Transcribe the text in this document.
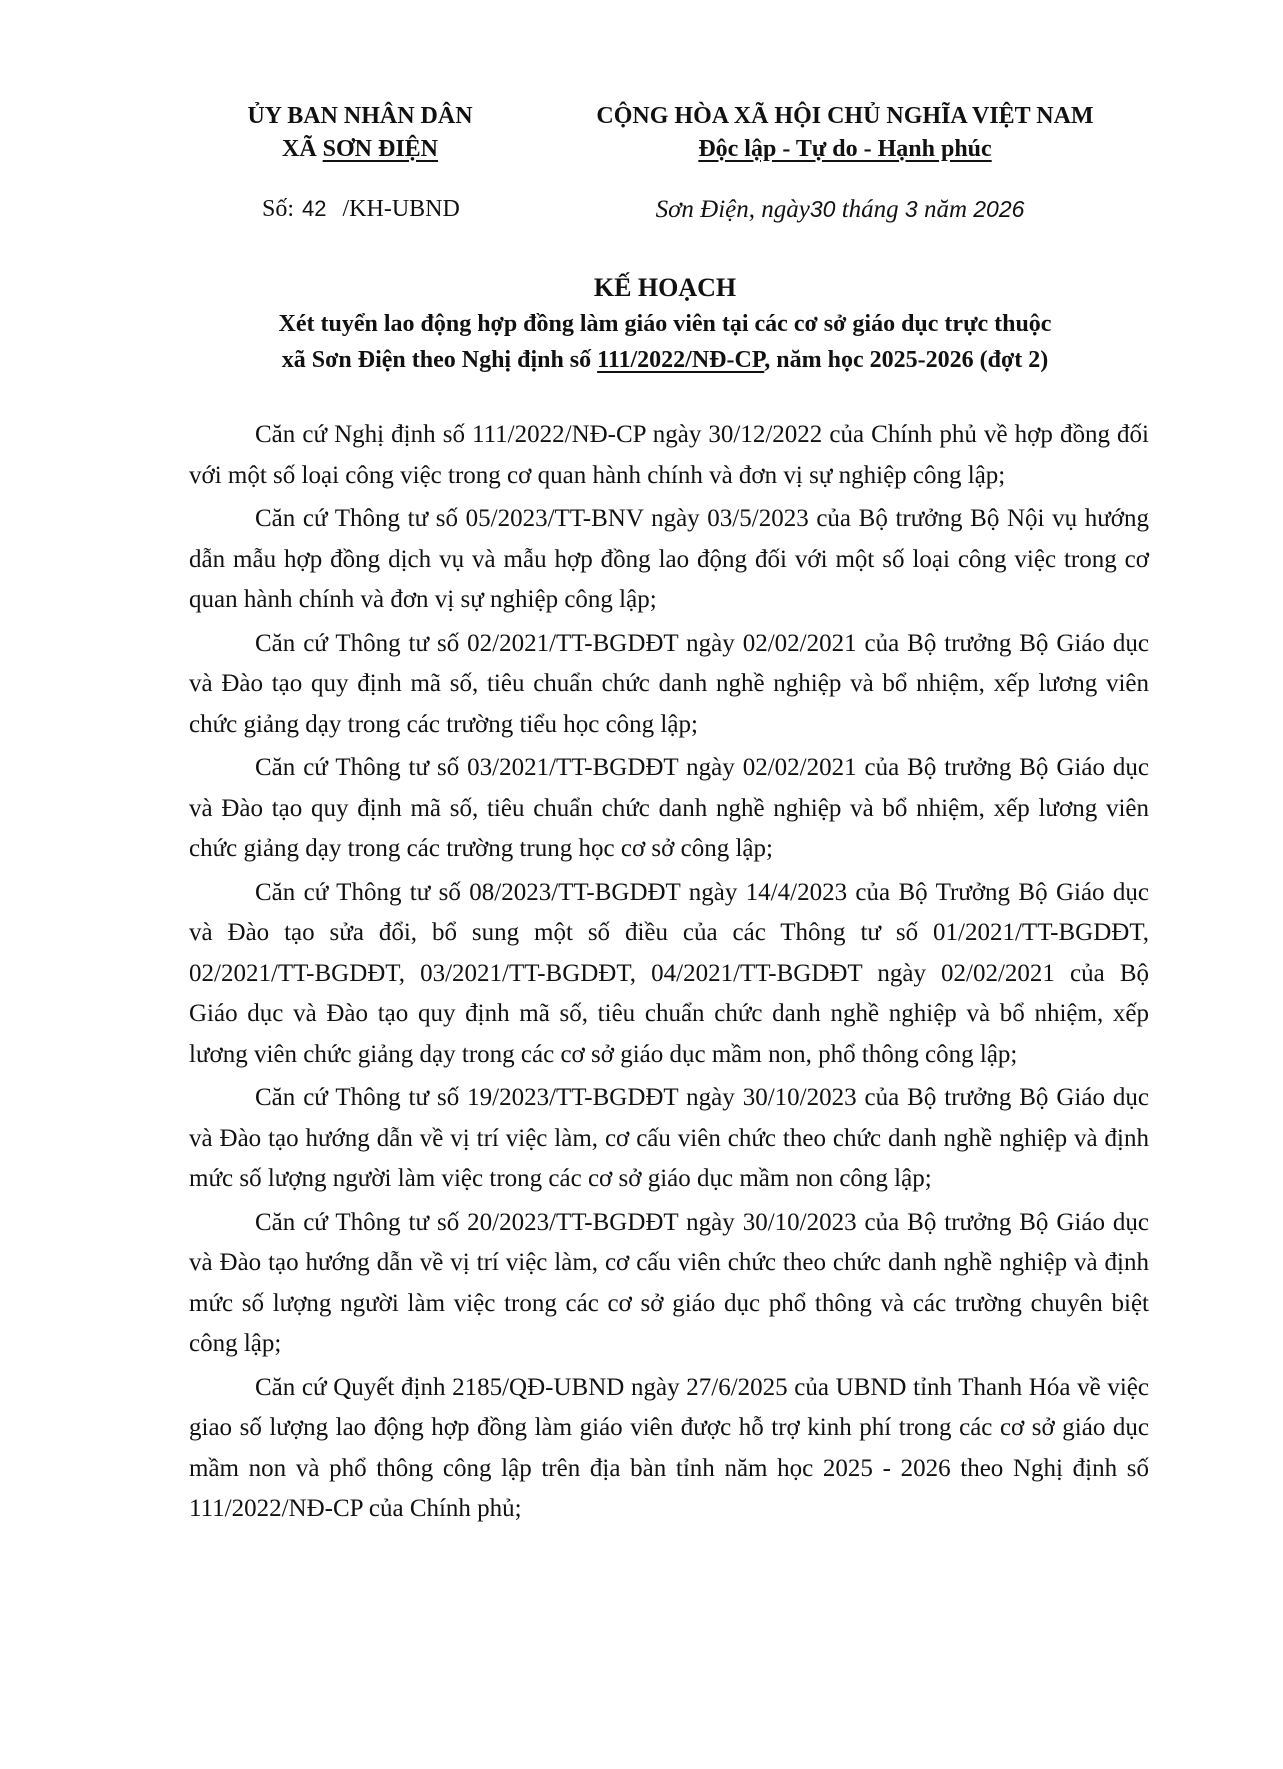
ỦY BAN NHÂN DÂN
XÃ SƠN ĐIỆN
CỘNG HÒA XÃ HỘI CHỦ NGHĨA VIỆT NAM
Độc lập - Tự do - Hạnh phúc
Số: 42 /KH-UBND	Sơn Điện, ngày30 tháng 3 năm 2026
KẾ HOẠCH
Xét tuyển lao động hợp đồng làm giáo viên tại các cơ sở giáo dục trực thuộc
xã Sơn Điện theo Nghị định số 111/2022/NĐ-CP, năm học 2025-2026 (đợt 2)

Căn cứ Nghị định số 111/2022/NĐ-CP ngày 30/12/2022 của Chính phủ về hợp đồng đối với một số loại công việc trong cơ quan hành chính và đơn vị sự nghiệp công lập;

Căn cứ Thông tư số 05/2023/TT-BNV ngày 03/5/2023 của Bộ trưởng Bộ Nội vụ hướng dẫn mẫu hợp đồng dịch vụ và mẫu hợp đồng lao động đối với một số loại công việc trong cơ quan hành chính và đơn vị sự nghiệp công lập;

Căn cứ Thông tư số 02/2021/TT-BGDĐT ngày 02/02/2021 của Bộ trưởng Bộ Giáo dục và Đào tạo quy định mã số, tiêu chuẩn chức danh nghề nghiệp và bổ nhiệm, xếp lương viên chức giảng dạy trong các trường tiểu học công lập;

Căn cứ Thông tư số 03/2021/TT-BGDĐT ngày 02/02/2021 của Bộ trưởng Bộ Giáo dục và Đào tạo quy định mã số, tiêu chuẩn chức danh nghề nghiệp và bổ nhiệm, xếp lương viên chức giảng dạy trong các trường trung học cơ sở công lập;

Căn cứ Thông tư số 08/2023/TT-BGDĐT ngày 14/4/2023 của Bộ Trưởng Bộ Giáo dục và Đào tạo sửa đổi, bổ sung một số điều của các Thông tư số 01/2021/TT-BGDĐT, 02/2021/TT-BGDĐT, 03/2021/TT-BGDĐT, 04/2021/TT-BGDĐT ngày 02/02/2021 của Bộ Giáo dục và Đào tạo quy định mã số, tiêu chuẩn chức danh nghề nghiệp và bổ nhiệm, xếp lương viên chức giảng dạy trong các cơ sở giáo dục mầm non, phổ thông công lập;

Căn cứ Thông tư số 19/2023/TT-BGDĐT ngày 30/10/2023 của Bộ trưởng Bộ Giáo dục và Đào tạo hướng dẫn về vị trí việc làm, cơ cấu viên chức theo chức danh nghề nghiệp và định mức số lượng người làm việc trong các cơ sở giáo dục mầm non công lập;

Căn cứ Thông tư số 20/2023/TT-BGDĐT ngày 30/10/2023 của Bộ trưởng Bộ Giáo dục và Đào tạo hướng dẫn về vị trí việc làm, cơ cấu viên chức theo chức danh nghề nghiệp và định mức số lượng người làm việc trong các cơ sở giáo dục phổ thông và các trường chuyên biệt công lập;

Căn cứ Quyết định 2185/QĐ-UBND ngày 27/6/2025 của UBND tỉnh Thanh Hóa về việc giao số lượng lao động hợp đồng làm giáo viên được hỗ trợ kinh phí trong các cơ sở giáo dục mầm non và phổ thông công lập trên địa bàn tỉnh năm học 2025 - 2026 theo Nghị định số 111/2022/NĐ-CP của Chính phủ;
